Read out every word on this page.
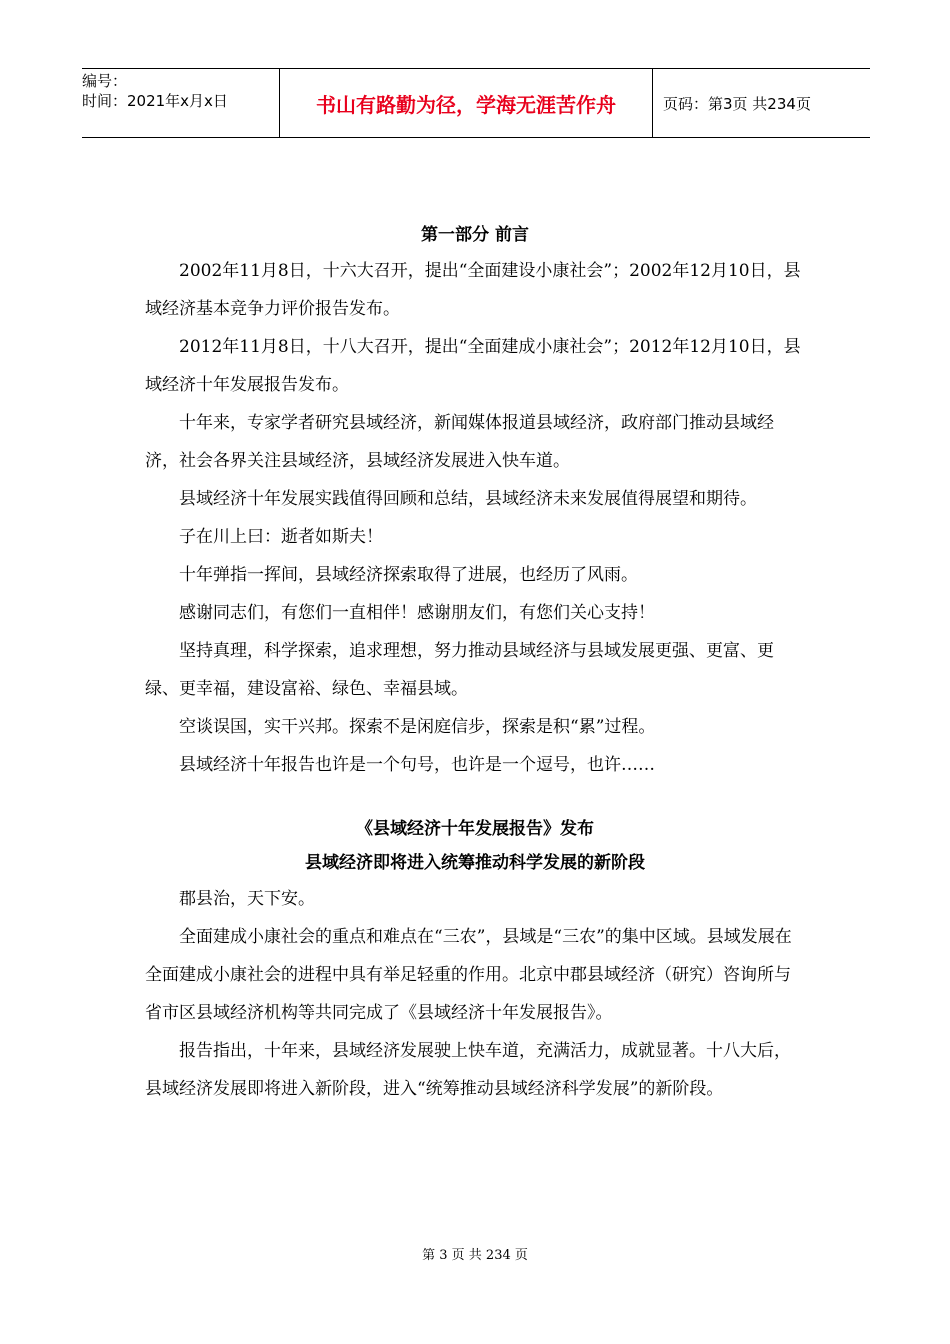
编号：
时间：2021年x月x日	书山有路勤为径，学海无涯苦作舟	页码：第3页 共234页

第一部分 前言

2002年11月8日，十六大召开，提出“全面建设小康社会”；2002年12月10日，县域经济基本竞争力评价报告发布。

2012年11月8日，十八大召开，提出“全面建成小康社会”；2012年12月10日，县域经济十年发展报告发布。

十年来，专家学者研究县域经济，新闻媒体报道县域经济，政府部门推动县域经济，社会各界关注县域经济，县域经济发展进入快车道。

县域经济十年发展实践值得回顾和总结，县域经济未来发展值得展望和期待。

子在川上曰：逝者如斯夫！

十年弹指一挥间，县域经济探索取得了进展，也经历了风雨。

感谢同志们，有您们一直相伴！感谢朋友们，有您们关心支持！

坚持真理，科学探索，追求理想，努力推动县域经济与县域发展更强、更富、更绿、更幸福，建设富裕、绿色、幸福县域。

空谈误国，实干兴邦。探索不是闲庭信步，探索是积“累”过程。

县域经济十年报告也许是一个句号，也许是一个逗号，也许……

《县域经济十年发展报告》发布

县域经济即将进入统筹推动科学发展的新阶段

郡县治，天下安。

全面建成小康社会的重点和难点在“三农”，县域是“三农”的集中区域。县域发展在全面建成小康社会的进程中具有举足轻重的作用。北京中郡县域经济（研究）咨询所与省市区县域经济机构等共同完成了《县域经济十年发展报告》。

报告指出，十年来，县域经济发展驶上快车道，充满活力，成就显著。十八大后，县域经济发展即将进入新阶段，进入“统筹推动县域经济科学发展”的新阶段。

第 3 页 共 234 页
